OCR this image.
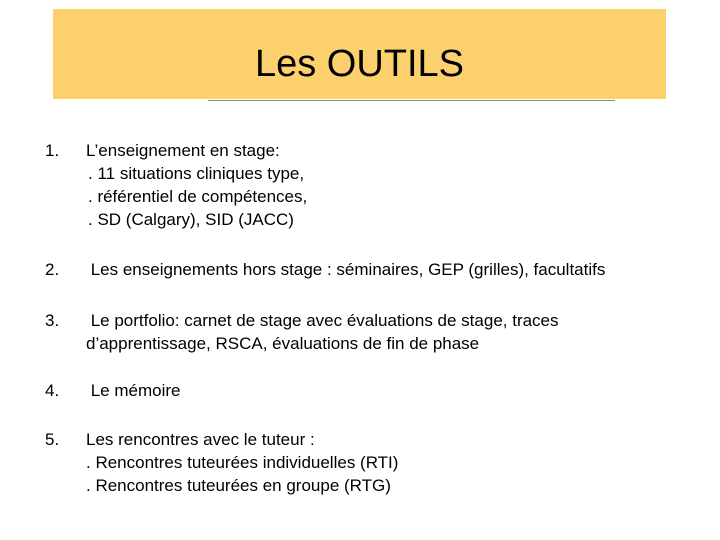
Les OUTILS
1. L’enseignement en stage:
. 11 situations cliniques type,
. référentiel de compétences,
. SD (Calgary), SID (JACC)
2. Les enseignements hors stage : séminaires, GEP (grilles), facultatifs
3. Le portfolio: carnet de stage avec évaluations de stage, traces
d’apprentissage, RSCA, évaluations de fin de phase
4. Le mémoire
5. Les rencontres avec le tuteur :
. Rencontres tuteurées individuelles (RTI)
. Rencontres tuteurées en groupe (RTG)
